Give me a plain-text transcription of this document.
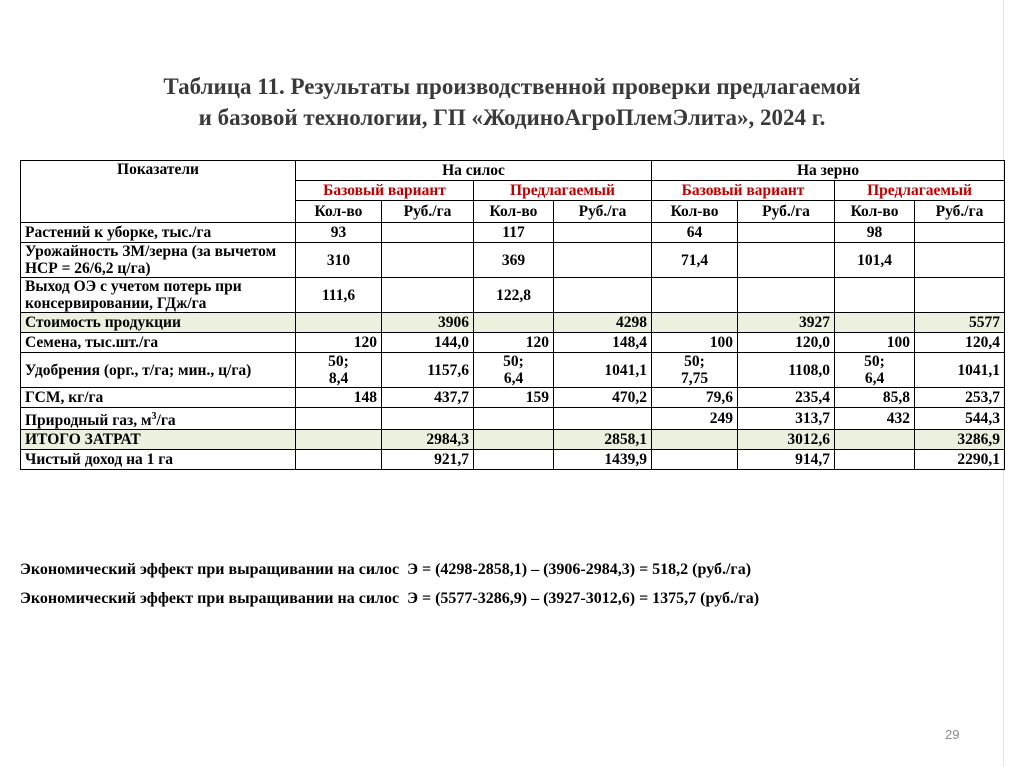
Таблица 11. Результаты производственной проверки предлагаемой
и базовой технологии, ГП «ЖодиноАгроПлемЭлита», 2024 г.
Показатели	На силос				На зерно			
	Базовый вариант		Предлагаемый		Базовый вариант		Предлагаемый	
	Кол-во	Руб./га	Кол-во	Руб./га	Кол-во	Руб./га	Кол-во	Руб./га
Растений к уборке, тыс./га	93		117		64		98	
Урожайность ЗМ/зерна (за вычетом НСР = 26/6,2 ц/га)	310		369		71,4		101,4	
Выход ОЭ с учетом потерь при консервировании, ГДж/га	111,6		122,8					
Стоимость продукции		3906		4298		3927		5577
Семена, тыс.шт./га	120	144,0	120	148,4	100	120,0	100	120,4
Удобрения (орг., т/га; мин., ц/га)	50;
8,4	1157,6	50;
6,4	1041,1	50;
7,75	1108,0	50;
6,4	1041,1
ГСМ, кг/га	148	437,7	159	470,2	79,6	235,4	85,8	253,7
Природный газ, $м^3/га$					249	313,7	432	544,3
ИТОГО ЗАТРАТ		2984,3		2858,1		3012,6		3286,9
Чистый доход на 1 га		921,7		1439,9		914,7		2290,1

Экономический эффект при выращивании на силос Э = (4298-2858,1) – (3906-2984,3) = 518,2 (руб./га)

Экономический эффект при выращивании на силос Э = (5577-3286,9) – (3927-3012,6) = 1375,7 (руб./га)

29
